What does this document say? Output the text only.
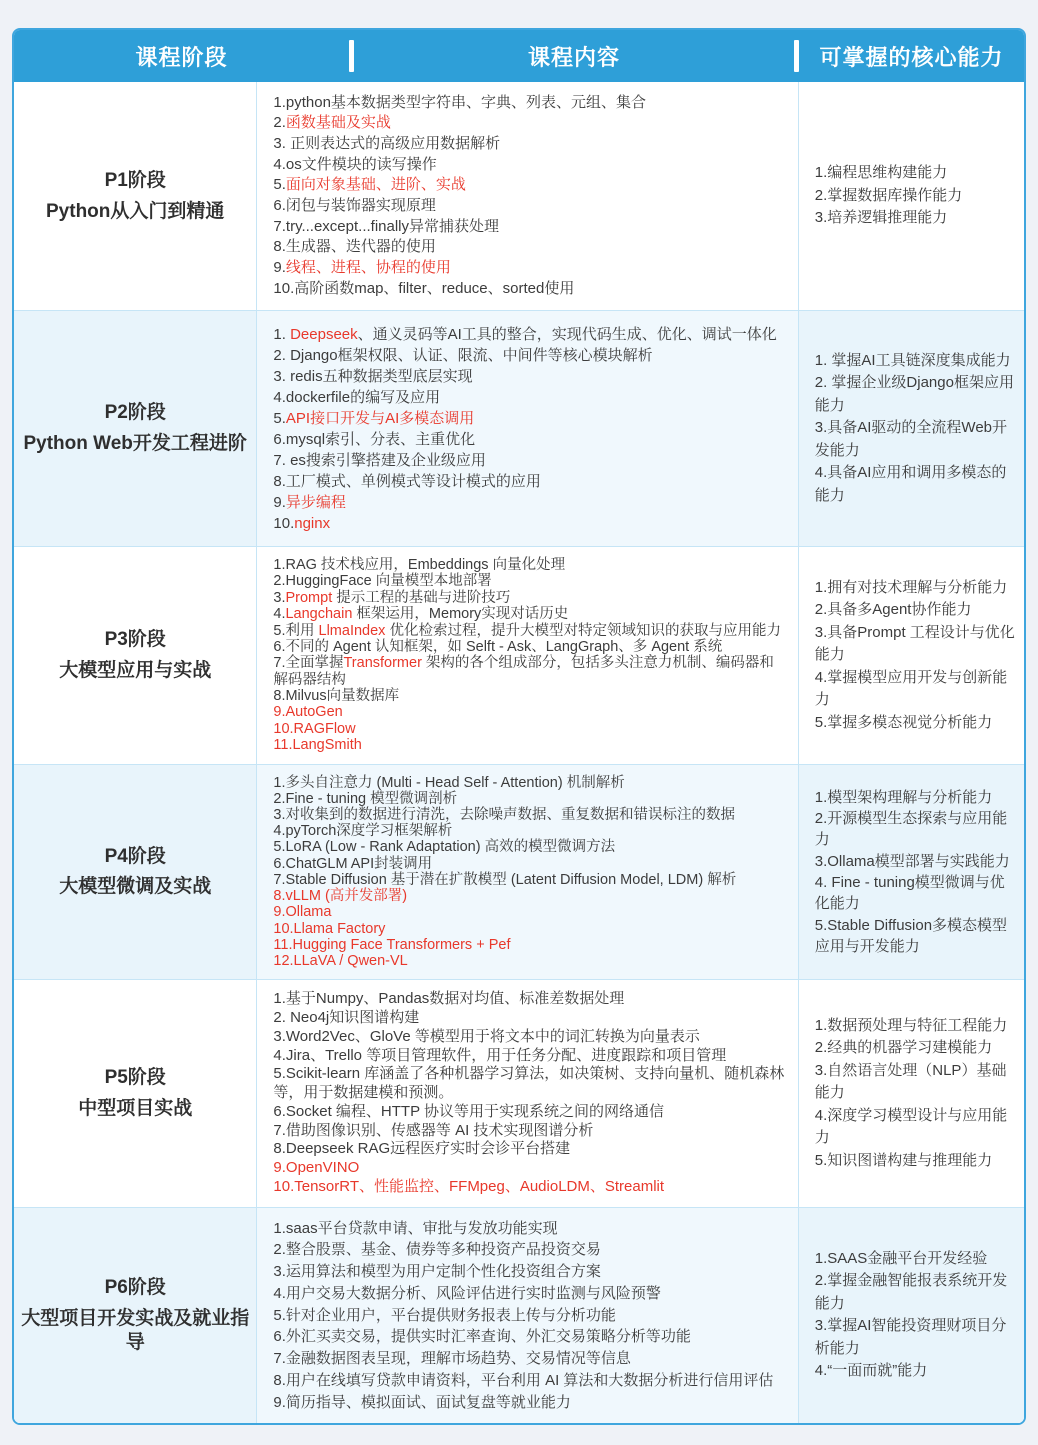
课程阶段	课程内容	可掌握的核心能力
P1阶段
Python从入门到精通
1.python基本数据类型字符串、字典、列表、元组、集合
2.函数基础及实战
3. 正则表达式的高级应用数据解析
4.os文件模块的读写操作
5.面向对象基础、进阶、实战
6.闭包与装饰器实现原理
7.try...except...finally异常捕获处理
8.生成器、迭代器的使用
9.线程、进程、协程的使用
10.高阶函数map、filter、reduce、sorted使用
1.编程思维构建能力
2.掌握数据库操作能力
3.培养逻辑推理能力
P2阶段
Python Web开发工程进阶
1. Deepseek、通义灵码等AI工具的整合，实现代码生成、优化、调试一体化
2. Django框架权限、认证、限流、中间件等核心模块解析
3. redis五种数据类型底层实现
4.dockerfile的编写及应用
5.API接口开发与AI多模态调用
6.mysql索引、分表、主重优化
7. es搜索引擎搭建及企业级应用
8.工厂模式、单例模式等设计模式的应用
9.异步编程
10.nginx
1. 掌握AI工具链深度集成能力
2. 掌握企业级Django框架应用能力
3.具备AI驱动的全流程Web开发能力
4.具备AI应用和调用多模态的能力
P3阶段
大模型应用与实战
1.RAG 技术栈应用，Embeddings 向量化处理
2.HuggingFace 向量模型本地部署
3.Prompt 提示工程的基础与进阶技巧
4.Langchain 框架运用，Memory实现对话历史
5.利用 LlmaIndex 优化检索过程，提升大模型对特定领域知识的获取与应用能力
6.不同的 Agent 认知框架，如 Selft - Ask、LangGraph、多 Agent 系统
7.全面掌握Transformer 架构的各个组成部分，包括多头注意力机制、编码器和解码器结构
8.Milvus向量数据库
9.AutoGen
10.RAGFlow
11.LangSmith
1.拥有对技术理解与分析能力
2.具备多Agent协作能力
3.具备Prompt 工程设计与优化能力
4.掌握模型应用开发与创新能力
5.掌握多模态视觉分析能力
P4阶段
大模型微调及实战
1.多头自注意力 (Multi - Head Self - Attention) 机制解析
2.Fine - tuning 模型微调剖析
3.对收集到的数据进行清洗，去除噪声数据、重复数据和错误标注的数据
4.pyTorch深度学习框架解析
5.LoRA (Low - Rank Adaptation) 高效的模型微调方法
6.ChatGLM API封装调用
7.Stable Diffusion 基于潜在扩散模型 (Latent Diffusion Model, LDM) 解析
8.vLLM (高并发部署)
9.Ollama
10.Llama Factory
11.Hugging Face Transformers + Pef
12.LLaVA / Qwen-VL
1.模型架构理解与分析能力
2.开源模型生态探索与应用能力
3.Ollama模型部署与实践能力
4. Fine - tuning模型微调与优化能力
5.Stable Diffusion多模态模型应用与开发能力
P5阶段
中型项目实战
1.基于Numpy、Pandas数据对均值、标准差数据处理
2. Neo4j知识图谱构建
3.Word2Vec、GloVe 等模型用于将文本中的词汇转换为向量表示
4.Jira、Trello 等项目管理软件，用于任务分配、进度跟踪和项目管理
5.Scikit-learn 库涵盖了各种机器学习算法，如决策树、支持向量机、随机森林等，用于数据建模和预测。
6.Socket 编程、HTTP 协议等用于实现系统之间的网络通信
7.借助图像识别、传感器等 AI 技术实现图谱分析
8.Deepseek RAG远程医疗实时会诊平台搭建
9.OpenVINO
10.TensorRT、性能监控、FFMpeg、AudioLDM、Streamlit
1.数据预处理与特征工程能力
2.经典的机器学习建模能力
3.自然语言处理（NLP）基础能力
4.深度学习模型设计与应用能力
5.知识图谱构建与推理能力
P6阶段
大型项目开发实战及就业指导
1.saas平台贷款申请、审批与发放功能实现
2.整合股票、基金、债券等多种投资产品投资交易
3.运用算法和模型为用户定制个性化投资组合方案
4.用户交易大数据分析、风险评估进行实时监测与风险预警
5.针对企业用户，平台提供财务报表上传与分析功能
6.外汇买卖交易，提供实时汇率查询、外汇交易策略分析等功能
7.金融数据图表呈现，理解市场趋势、交易情况等信息
8.用户在线填写贷款申请资料，平台利用 AI 算法和大数据分析进行信用评估
9.简历指导、模拟面试、面试复盘等就业能力
1.SAAS金融平台开发经验
2.掌握金融智能报表系统开发能力
3.掌握AI智能投资理财项目分析能力
4.“一面而就”能力
